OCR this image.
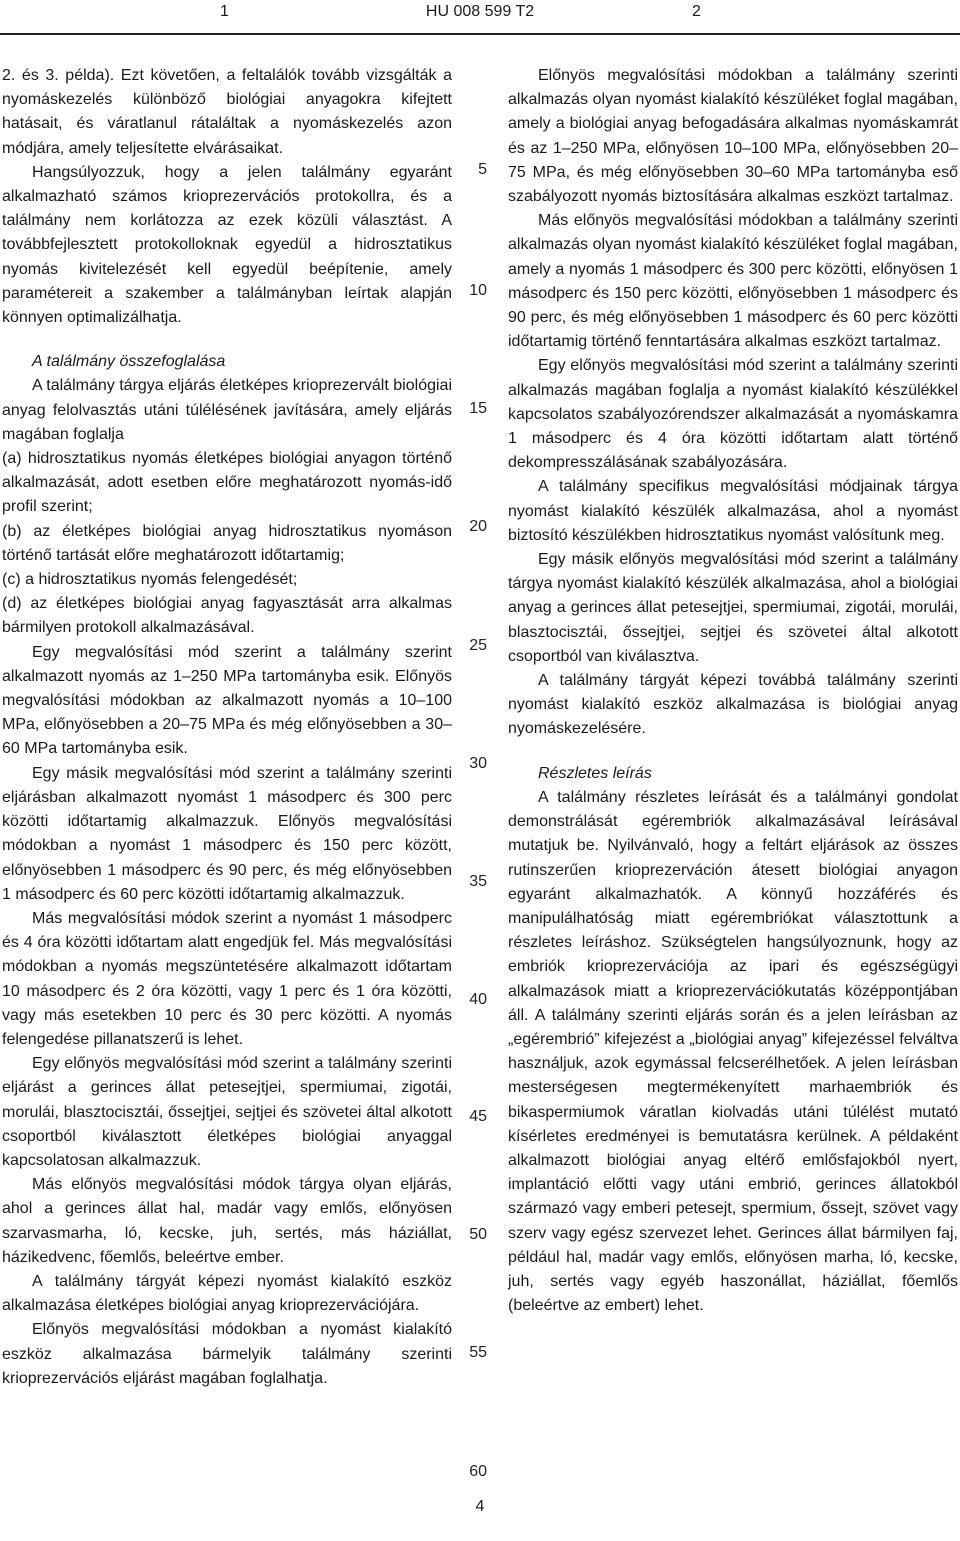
1	HU 008 599 T2	2

2. és 3. példa). Ezt követően, a feltalálók tovább vizsgálták a nyomáskezelés különböző biológiai anyagokra kifejtett hatásait, és váratlanul rátaláltak a nyomáskezelés azon módjára, amely teljesítette elvárásaikat.

Hangsúlyozzuk, hogy a jelen találmány egyaránt alkalmazható számos krioprezervációs protokollra, és a találmány nem korlátozza az ezek közüli választást. A továbbfejlesztett protokolloknak egyedül a hidrosztatikus nyomás kivitelezését kell egyedül beépítenie, amely paramétereit a szakember a találmányban leírtak alapján könnyen optimalizálhatja.

A találmány összefoglalása

A találmány tárgya eljárás életképes krioprezervált biológiai anyag felolvasztás utáni túlélésének javítására, amely eljárás magában foglalja

(a) hidrosztatikus nyomás életképes biológiai anyagon történő alkalmazását, adott esetben előre meghatározott nyomás-idő profil szerint;

(b) az életképes biológiai anyag hidrosztatikus nyomáson történő tartását előre meghatározott időtartamig;

(c) a hidrosztatikus nyomás felengedését;

(d) az életképes biológiai anyag fagyasztását arra alkalmas bármilyen protokoll alkalmazásával.

Egy megvalósítási mód szerint a találmány szerint alkalmazott nyomás az 1–250 MPa tartományba esik. Előnyös megvalósítási módokban az alkalmazott nyomás a 10–100 MPa, előnyösebben a 20–75 MPa és még előnyösebben a 30–60 MPa tartományba esik.

Egy másik megvalósítási mód szerint a találmány szerinti eljárásban alkalmazott nyomást 1 másodperc és 300 perc közötti időtartamig alkalmazzuk. Előnyös megvalósítási módokban a nyomást 1 másodperc és 150 perc között, előnyösebben 1 másodperc és 90 perc, és még előnyösebben 1 másodperc és 60 perc közötti időtartamig alkalmazzuk.

Más megvalósítási módok szerint a nyomást 1 másodperc és 4 óra közötti időtartam alatt engedjük fel. Más megvalósítási módokban a nyomás megszüntetésére alkalmazott időtartam 10 másodperc és 2 óra közötti, vagy 1 perc és 1 óra közötti, vagy más esetekben 10 perc és 30 perc közötti. A nyomás felengedése pillanatszerű is lehet.

Egy előnyös megvalósítási mód szerint a találmány szerinti eljárást a gerinces állat petesejtjei, spermiumai, zigotái, morulái, blasztocisztái, őssejtjei, sejtjei és szövetei által alkotott csoportból kiválasztott életképes biológiai anyaggal kapcsolatosan alkalmazzuk.

Más előnyös megvalósítási módok tárgya olyan eljárás, ahol a gerinces állat hal, madár vagy emlős, előnyösen szarvasmarha, ló, kecske, juh, sertés, más háziállat, házikedvenc, főemlős, beleértve ember.

A találmány tárgyát képezi nyomást kialakító eszköz alkalmazása életképes biológiai anyag krioprezervációjára.

Előnyös megvalósítási módokban a nyomást kialakító eszköz alkalmazása bármelyik találmány szerinti krioprezervációs eljárást magában foglalhatja.

5
10
15
20
25
30
35
40
45
50
55
60

Előnyös megvalósítási módokban a találmány szerinti alkalmazás olyan nyomást kialakító készüléket foglal magában, amely a biológiai anyag befogadására alkalmas nyomáskamrát és az 1–250 MPa, előnyösen 10–100 MPa, előnyösebben 20–75 MPa, és még előnyösebben 30–60 MPa tartományba eső szabályozott nyomás biztosítására alkalmas eszközt tartalmaz.

Más előnyös megvalósítási módokban a találmány szerinti alkalmazás olyan nyomást kialakító készüléket foglal magában, amely a nyomás 1 másodperc és 300 perc közötti, előnyösen 1 másodperc és 150 perc közötti, előnyösebben 1 másodperc és 90 perc, és még előnyösebben 1 másodperc és 60 perc közötti időtartamig történő fenntartására alkalmas eszközt tartalmaz.

Egy előnyös megvalósítási mód szerint a találmány szerinti alkalmazás magában foglalja a nyomást kialakító készülékkel kapcsolatos szabályozórendszer alkalmazását a nyomáskamra 1 másodperc és 4 óra közötti időtartam alatt történő dekompresszálásának szabályozására.

A találmány specifikus megvalósítási módjainak tárgya nyomást kialakító készülék alkalmazása, ahol a nyomást biztosító készülékben hidrosztatikus nyomást valósítunk meg.

Egy másik előnyös megvalósítási mód szerint a találmány tárgya nyomást kialakító készülék alkalmazása, ahol a biológiai anyag a gerinces állat petesejtjei, spermiumai, zigotái, morulái, blasztocisztái, őssejtjei, sejtjei és szövetei által alkotott csoportból van kiválasztva.

A találmány tárgyát képezi továbbá találmány szerinti nyomást kialakító eszköz alkalmazása is biológiai anyag nyomáskezelésére.

Részletes leírás

A találmány részletes leírását és a találmányi gondolat demonstrálását egérembriók alkalmazásával leírásával mutatjuk be. Nyilvánvaló, hogy a feltárt eljárások az összes rutinszerűen krioprezerváción átesett biológiai anyagon egyaránt alkalmazhatók. A könnyű hozzáférés és manipulálhatóság miatt egérembriókat választottunk a részletes leíráshoz. Szükségtelen hangsúlyoznunk, hogy az embriók krioprezervációja az ipari és egészségügyi alkalmazások miatt a krioprezervációkutatás középpontjában áll. A találmány szerinti eljárás során és a jelen leírásban az „egérembrió” kifejezést a „biológiai anyag” kifejezéssel felváltva használjuk, azok egymással felcserélhetőek. A jelen leírásban mesterségesen megtermékenyített marhaembriók és bikaspermiumok váratlan kiolvadás utáni túlélést mutató kísérletes eredményei is bemutatásra kerülnek. A példaként alkalmazott biológiai anyag eltérő emlősfajokból nyert, implantáció előtti vagy utáni embrió, gerinces állatokból származó vagy emberi petesejt, spermium, őssejt, szövet vagy szerv vagy egész szervezet lehet. Gerinces állat bármilyen faj, például hal, madár vagy emlős, előnyösen marha, ló, kecske, juh, sertés vagy egyéb haszonállat, háziállat, főemlős (beleértve az embert) lehet.

4
